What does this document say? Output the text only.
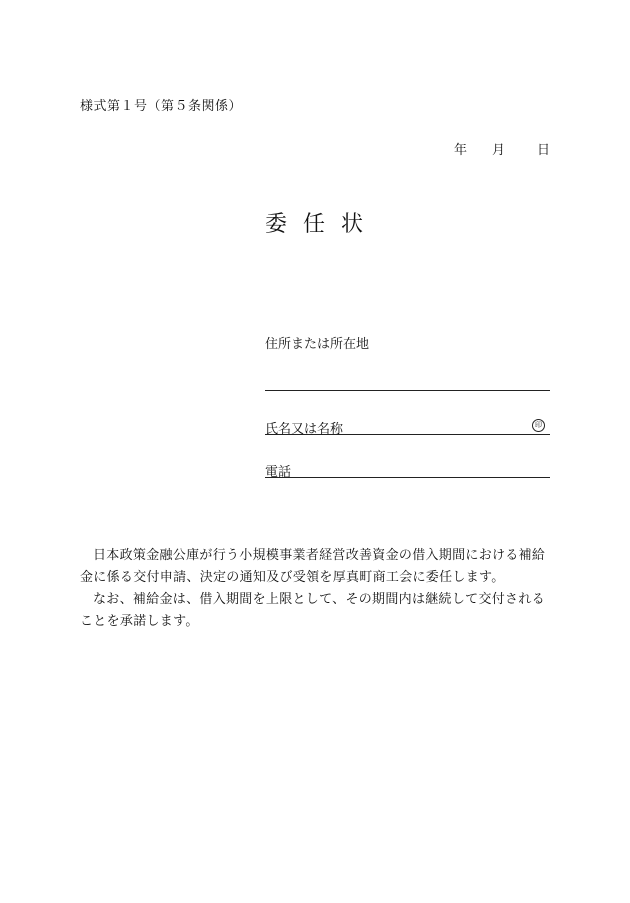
様式第１号（第５条関係）
年 月 日
委任状
住所または所在地
氏名又は名称	印
電話

日本政策金融公庫が行う小規模事業者経営改善資金の借入期間における補給金に係る交付申請、決定の通知及び受領を厚真町商工会に委任します。

なお、補給金は、借入期間を上限として、その期間内は継続して交付されることを承諾します。
